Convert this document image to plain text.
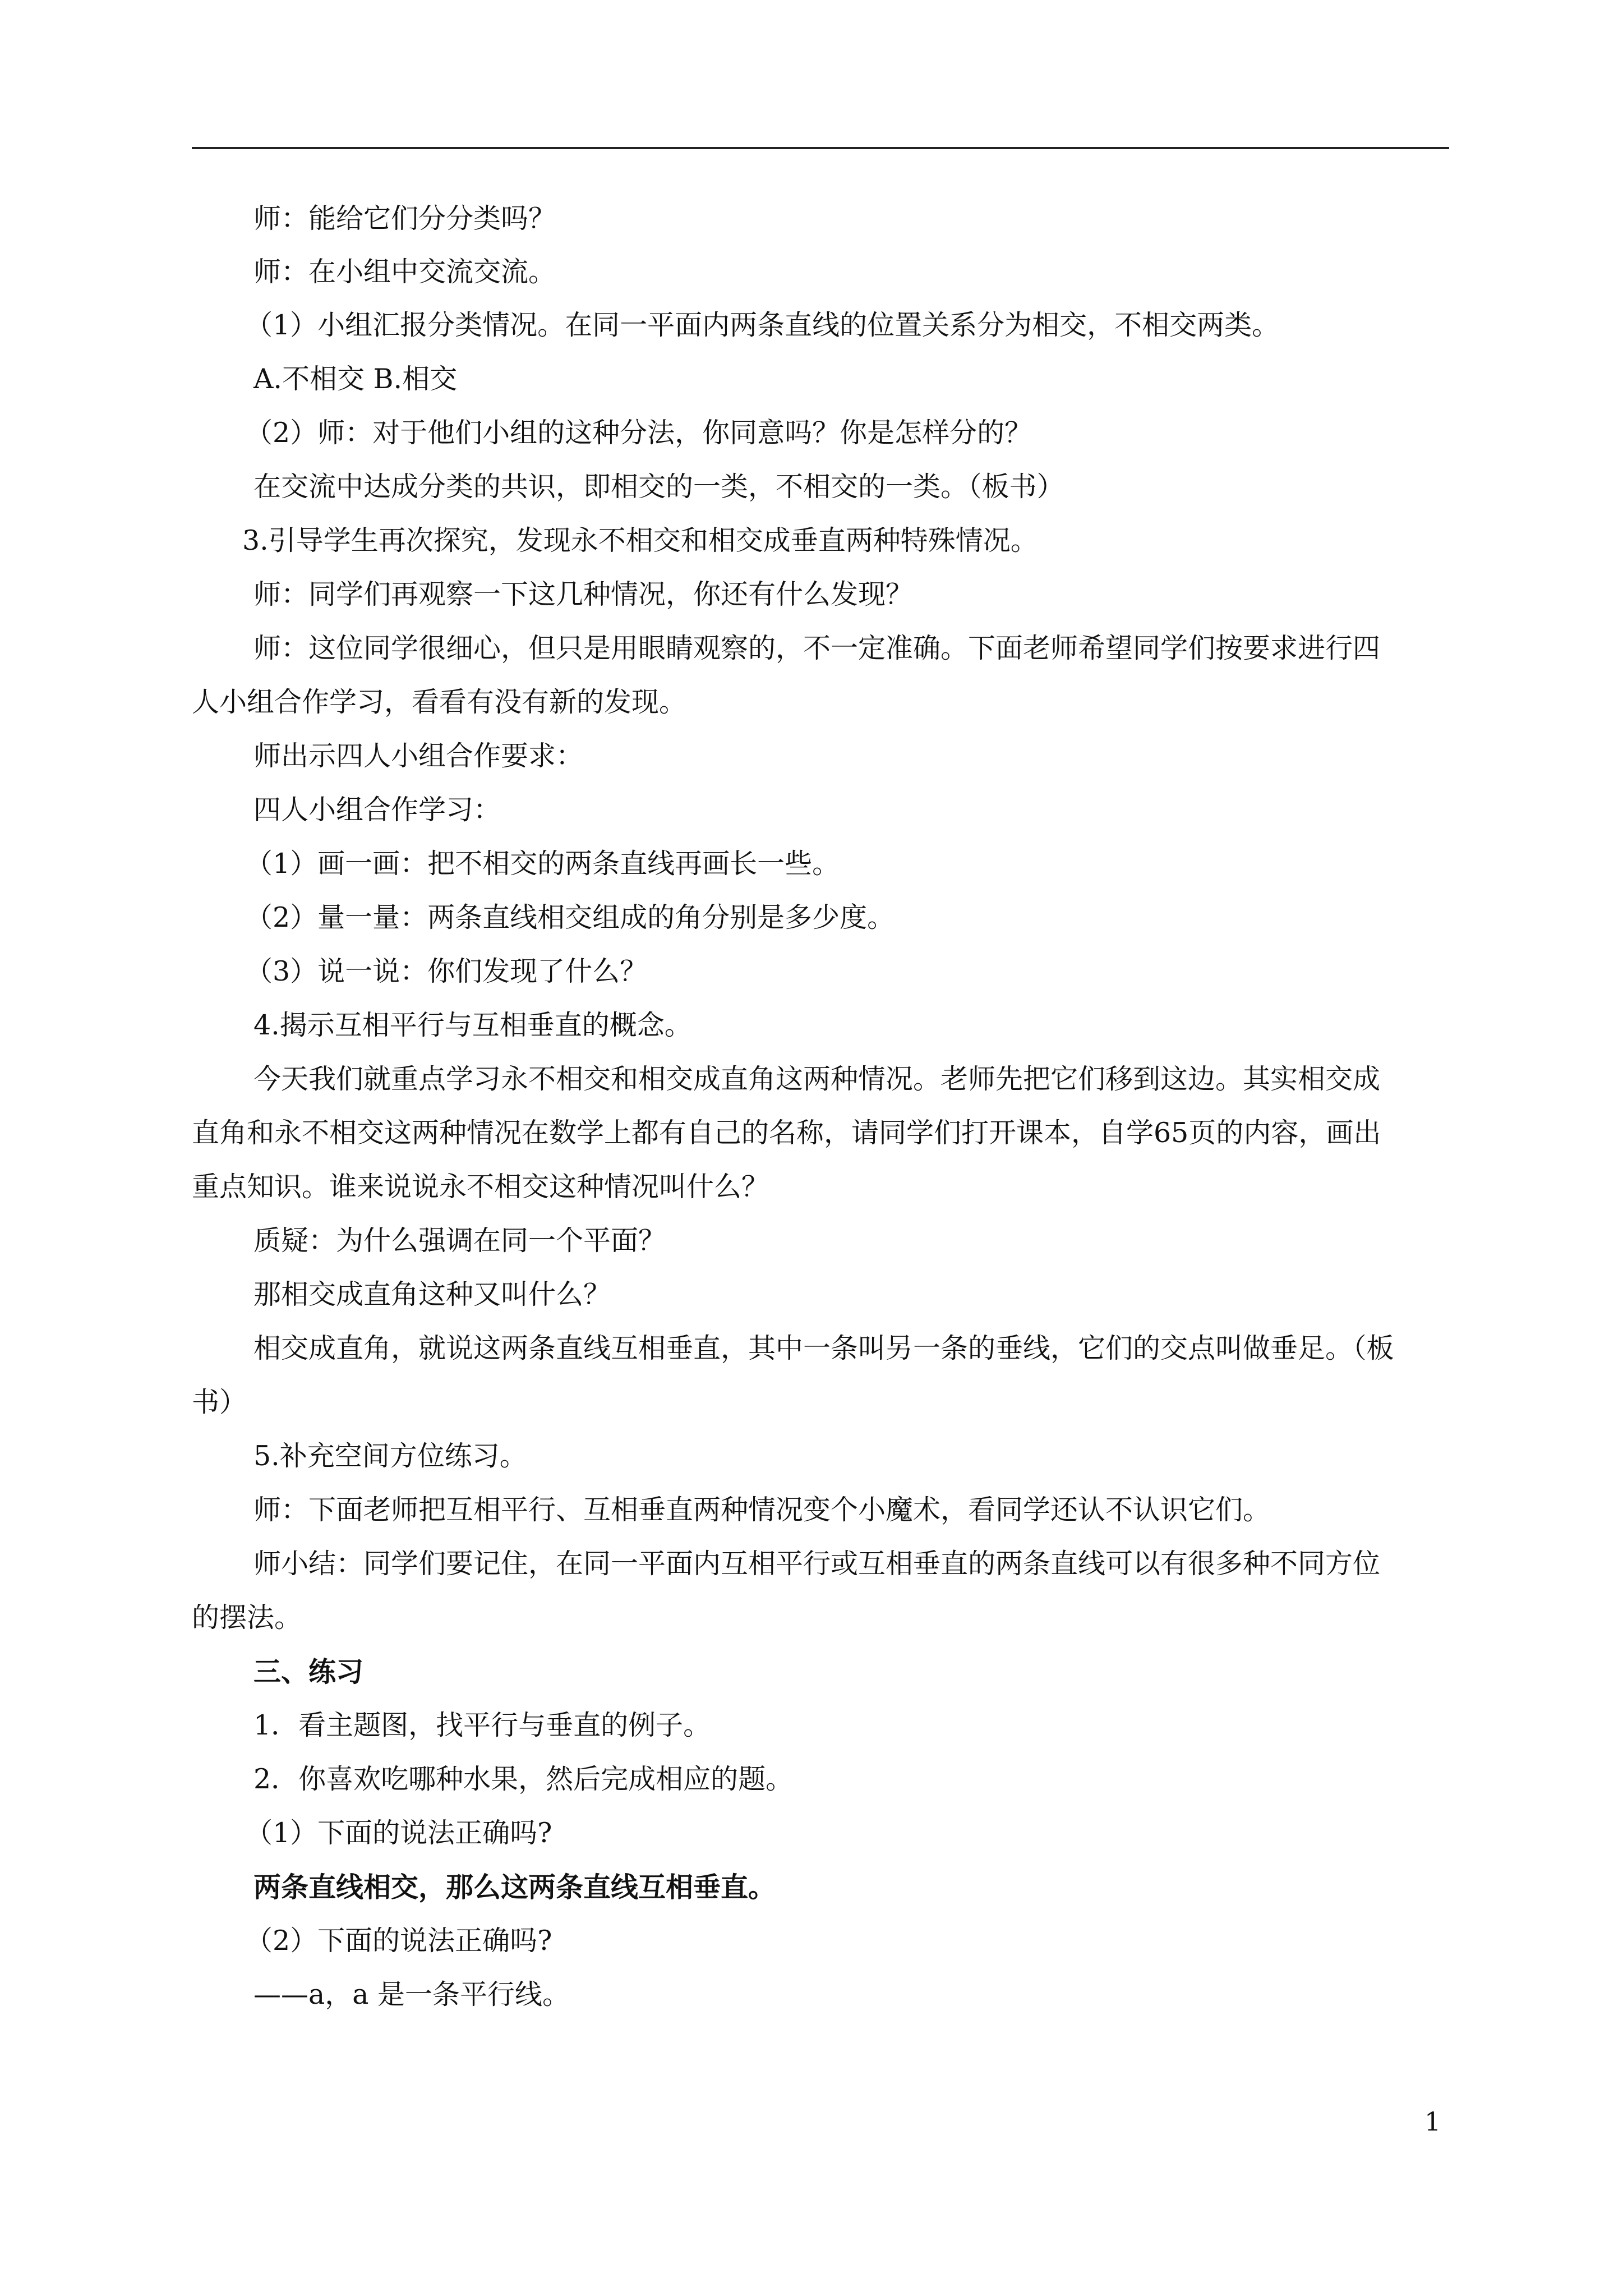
师：能给它们分分类吗？
师：在小组中交流交流。
（1）小组汇报分类情况。在同一平面内两条直线的位置关系分为相交，不相交两类。
A.不相交 B.相交
（2）师：对于他们小组的这种分法，你同意吗？你是怎样分的？
在交流中达成分类的共识，即相交的一类，不相交的一类。（板书）
3.引导学生再次探究，发现永不相交和相交成垂直两种特殊情况。
师：同学们再观察一下这几种情况，你还有什么发现？
师：这位同学很细心，但只是用眼睛观察的，不一定准确。下面老师希望同学们按要求进行四
人小组合作学习，看看有没有新的发现。
师出示四人小组合作要求：
四人小组合作学习：
（1）画一画：把不相交的两条直线再画长一些。
（2）量一量：两条直线相交组成的角分别是多少度。
（3）说一说：你们发现了什么？
4.揭示互相平行与互相垂直的概念。
今天我们就重点学习永不相交和相交成直角这两种情况。老师先把它们移到这边。其实相交成
直角和永不相交这两种情况在数学上都有自己的名称，请同学们打开课本，自学65页的内容，画出
重点知识。谁来说说永不相交这种情况叫什么？
质疑：为什么强调在同一个平面？
那相交成直角这种又叫什么？
相交成直角，就说这两条直线互相垂直，其中一条叫另一条的垂线，它们的交点叫做垂足。（板
书）
5.补充空间方位练习。
师：下面老师把互相平行、互相垂直两种情况变个小魔术，看同学还认不认识它们。
师小结：同学们要记住，在同一平面内互相平行或互相垂直的两条直线可以有很多种不同方位
的摆法。
三、练习
1．看主题图，找平行与垂直的例子。
2．你喜欢吃哪种水果，然后完成相应的题。
（1）下面的说法正确吗?
两条直线相交，那么这两条直线互相垂直。
（2）下面的说法正确吗?
——a，a 是一条平行线。
1
